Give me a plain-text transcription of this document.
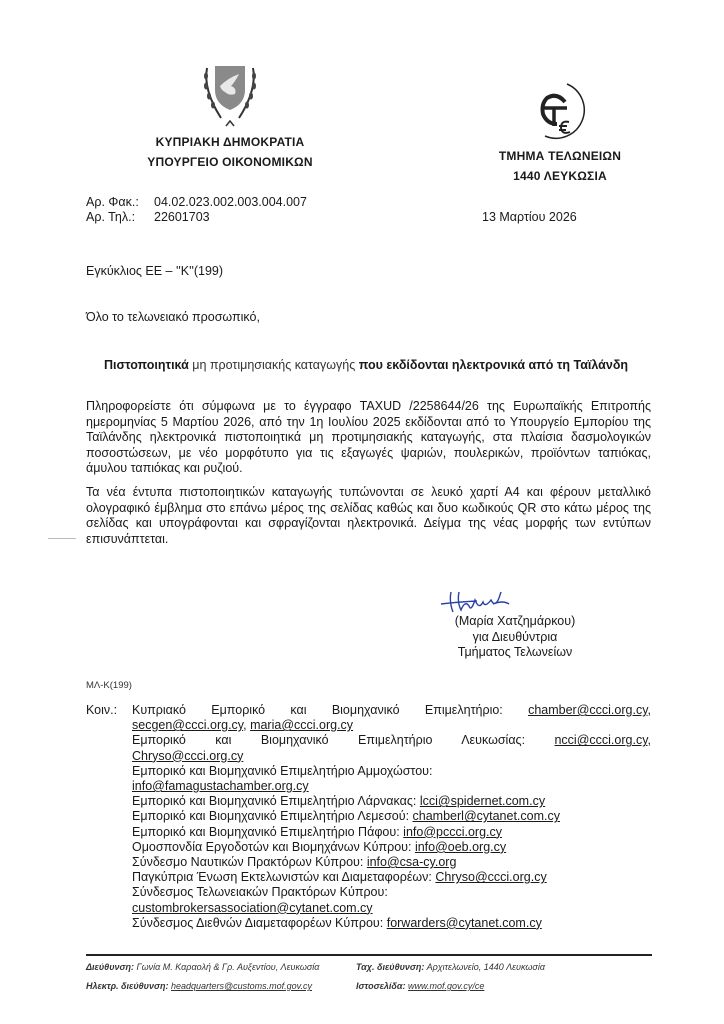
ΚΥΠΡΙΑΚΗ ΔΗΜΟΚΡΑΤΙΑ
ΥΠΟΥΡΓΕΙΟ ΟΙΚΟΝΟΜΙΚΩΝ	ΤΜΗΜΑ ΤΕΛΩΝΕΙΩΝ
1440 ΛΕΥΚΩΣΙΑ
Αρ. Φακ.: 04.02.023.002.003.004.007
Αρ. Τηλ.: 22601703	13 Μαρτίου 2026
Εγκύκλιος ΕΕ – ''Κ''(199)
Όλο το τελωνειακό προσωπικό,
Πιστοποιητικά μη προτιμησιακής καταγωγής που εκδίδονται ηλεκτρονικά από τη Ταϊλάνδη
Πληροφορείστε ότι σύμφωνα με το έγγραφο TAXUD /2258644/26 της Ευρωπαϊκής Επιτροπής ημερομηνίας 5 Μαρτίου 2026, από την 1η Ιουλίου 2025 εκδίδονται από το Υπουργείο Εμπορίου της Ταϊλάνδης ηλεκτρονικά πιστοποιητικά μη προτιμησιακής καταγωγής, στα πλαίσια δασμολογικών ποσοστώσεων, με νέο μορφότυπο για τις εξαγωγές ψαριών, πουλερικών, προϊόντων ταπιόκας, άμυλου ταπιόκας και ρυζιού.
Τα νέα έντυπα πιστοποιητικών καταγωγής τυπώνονται σε λευκό χαρτί Α4 και φέρουν μεταλλικό ολογραφικό έμβλημα στο επάνω μέρος της σελίδας καθώς και δυο κωδικούς QR στο κάτω μέρος της σελίδας και υπογράφονται και σφραγίζονται ηλεκτρονικά. Δείγμα της νέας μορφής των εντύπων επισυνάπτεται.
(Μαρία Χατζημάρκου)
για Διευθύντρια
Τμήματος Τελωνείων
ΜΛ-Κ(199)
Κοιν.: Κυπριακό Εμπορικό και Βιομηχανικό Επιμελητήριο: chamber@ccci.org.cy,
secgen@ccci.org.cy, maria@ccci.org.cy
Εμπορικό και Βιομηχανικό Επιμελητήριο Λευκωσίας: ncci@ccci.org.cy,
Chryso@ccci.org.cy
Εμπορικό και Βιομηχανικό Επιμελητήριο Αμμοχώστου:
info@famagustachamber.org.cy
Εμπορικό και Βιομηχανικό Επιμελητήριο Λάρνακας: lcci@spidernet.com.cy
Εμπορικό και Βιομηχανικό Επιμελητήριο Λεμεσού: chamberl@cytanet.com.cy
Εμπορικό και Βιομηχανικό Επιμελητήριο Πάφου: info@pccci.org.cy
Ομοσπονδία Εργοδοτών και Βιομηχάνων Κύπρου: info@oeb.org.cy
Σύνδεσμο Ναυτικών Πρακτόρων Κύπρου: info@csa-cy.org
Παγκύπρια Ένωση Εκτελωνιστών και Διαμεταφορέων: Chryso@ccci.org.cy
Σύνδεσμος Τελωνειακών Πρακτόρων Κύπρου:
custombrokersassociation@cytanet.com.cy
Σύνδεσμος Διεθνών Διαμεταφορέων Κύπρου: forwarders@cytanet.com.cy
Διεύθυνση: Γωνία Μ. Καραολή & Γρ. Αυξεντίου, Λευκωσία
Ηλεκτρ. διεύθυνση: headquarters@customs.mof.gov.cy
Ταχ. διεύθυνση: Αρχιτελωνείο, 1440 Λευκωσία
Ιστοσελίδα: www.mof.gov.cy/ce
